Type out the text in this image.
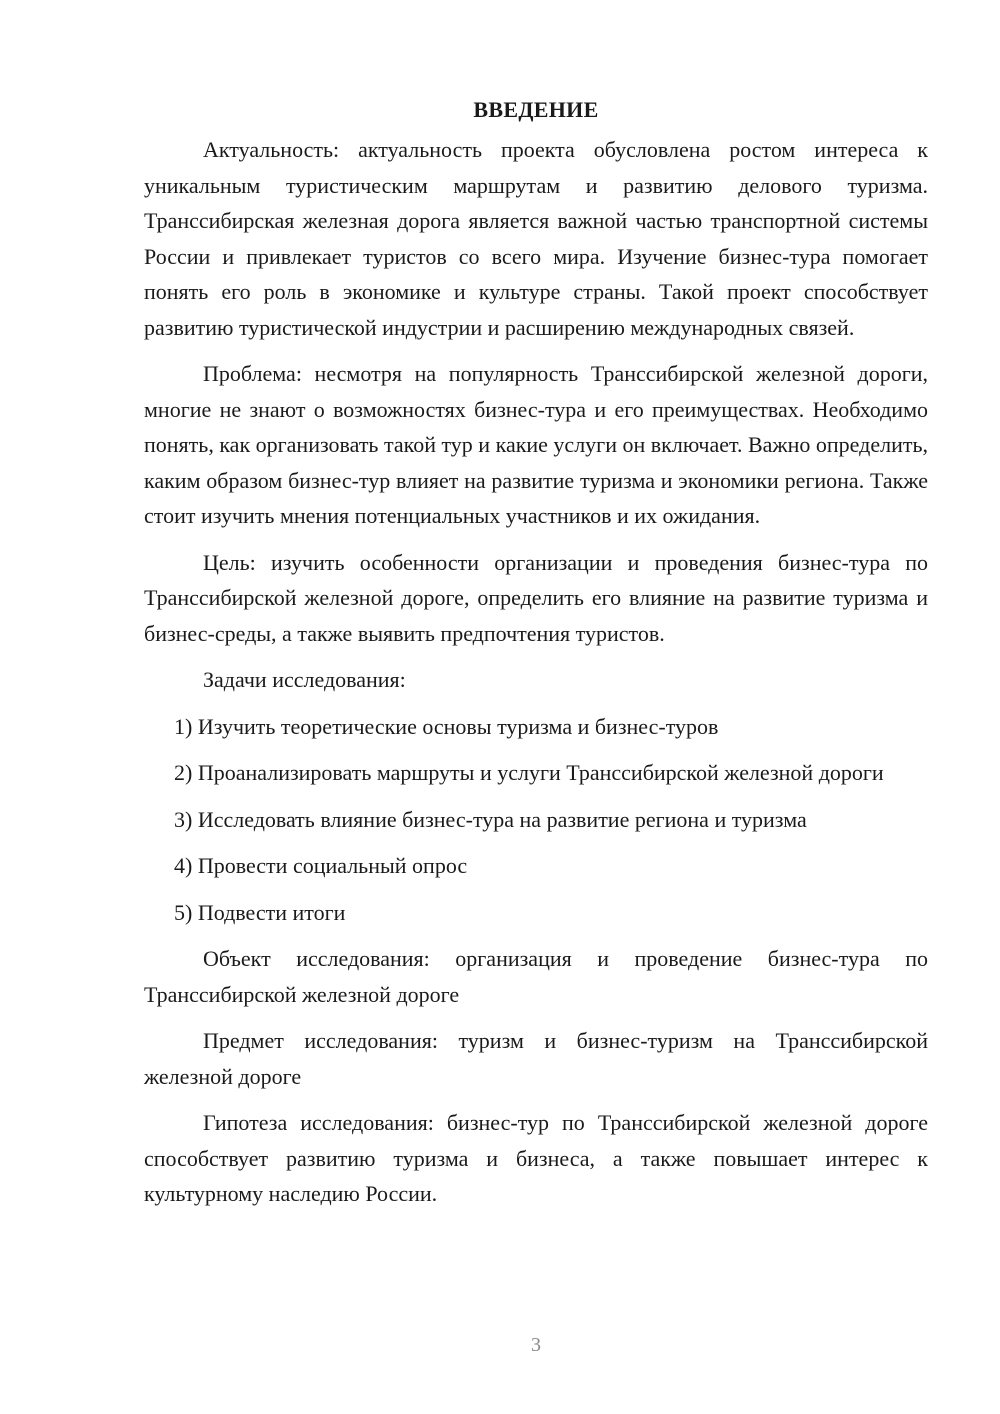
ВВЕДЕНИЕ

Актуальность: актуальность проекта обусловлена ростом интереса к уникальным туристическим маршрутам и развитию делового туризма. Транссибирская железная дорога является важной частью транспортной системы России и привлекает туристов со всего мира. Изучение бизнес-тура помогает понять его роль в экономике и культуре страны. Такой проект способствует развитию туристической индустрии и расширению международных связей.

Проблема: несмотря на популярность Транссибирской железной дороги, многие не знают о возможностях бизнес-тура и его преимуществах. Необходимо понять, как организовать такой тур и какие услуги он включает. Важно определить, каким образом бизнес-тур влияет на развитие туризма и экономики региона. Также стоит изучить мнения потенциальных участников и их ожидания.

Цель: изучить особенности организации и проведения бизнес-тура по Транссибирской железной дороге, определить его влияние на развитие туризма и бизнес-среды, а также выявить предпочтения туристов.

Задачи исследования:

1) Изучить теоретические основы туризма и бизнес-туров

2) Проанализировать маршруты и услуги Транссибирской железной дороги

3) Исследовать влияние бизнес-тура на развитие региона и туризма

4) Провести социальный опрос

5) Подвести итоги

Объект исследования: организация и проведение бизнес-тура по Транссибирской железной дороге

Предмет исследования: туризм и бизнес-туризм на Транссибирской железной дороге

Гипотеза исследования: бизнес-тур по Транссибирской железной дороге способствует развитию туризма и бизнеса, а также повышает интерес к культурному наследию России.

3
